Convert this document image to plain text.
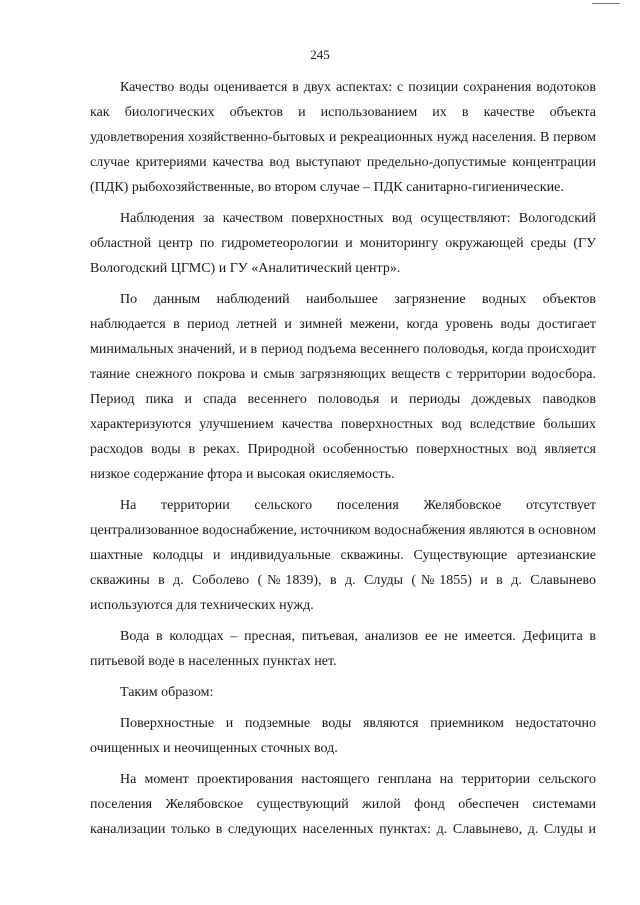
245

Качество воды оценивается в двух аспектах: с позиции сохранения водотоков как биологических объектов и использованием их в качестве объекта удовлетворения хозяйственно-бытовых и рекреационных нужд населения. В первом случае критериями качества вод выступают предельно-допустимые концентрации (ПДК) рыбохозяйственные, во втором случае – ПДК санитарно-гигиенические.

Наблюдения за качеством поверхностных вод осуществляют: Вологодский областной центр по гидрометеорологии и мониторингу окружающей среды (ГУ Вологодский ЦГМС) и ГУ «Аналитический центр».

По данным наблюдений наибольшее загрязнение водных объектов наблюдается в период летней и зимней межени, когда уровень воды достигает минимальных значений, и в период подъема весеннего половодья, когда происходит таяние снежного покрова и смыв загрязняющих веществ с территории водосбора. Период пика и спада весеннего половодья и периоды дождевых паводков характеризуются улучшением качества поверхностных вод вследствие больших расходов воды в реках. Природной особенностью поверхностных вод является низкое содержание фтора и высокая окисляемость.

На территории сельского поселения Желябовское отсутствует централизованное водоснабжение, источником водоснабжения являются в основном шахтные колодцы и индивидуальные скважины. Существующие артезианские скважины в д. Соболево (№1839), в д. Слуды (№1855) и в д. Славынево используются для технических нужд.

Вода в колодцах – пресная, питьевая, анализов ее не имеется. Дефицита в питьевой воде в населенных пунктах нет.

Таким образом:

Поверхностные и подземные воды являются приемником недостаточно очищенных и неочищенных сточных вод.

На момент проектирования настоящего генплана на территории сельского поселения Желябовское существующий жилой фонд обеспечен системами канализации только в следующих населенных пунктах: д. Славынево, д. Слуды и
